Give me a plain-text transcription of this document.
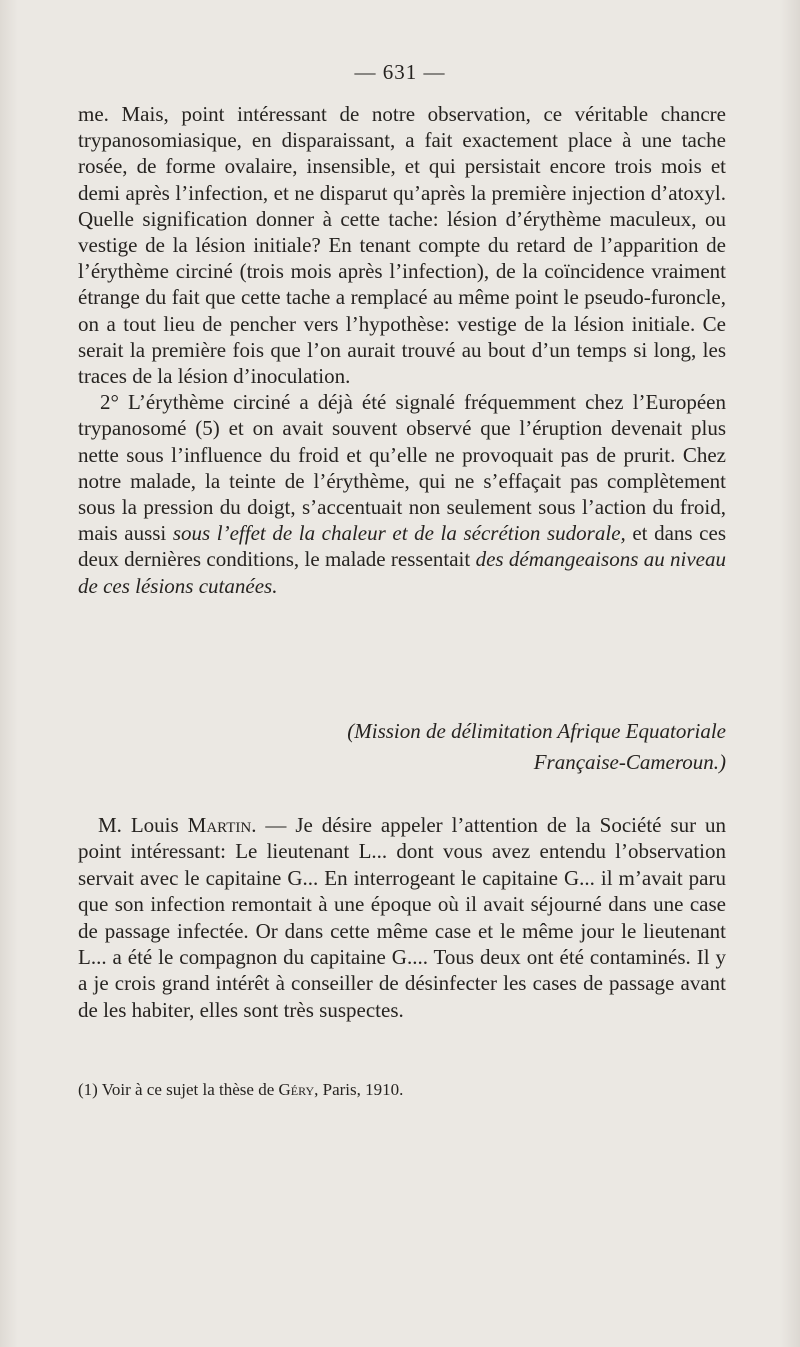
— 631 —

me. Mais, point intéressant de notre observation, ce véritable chancre trypanosomiasique, en disparaissant, a fait exactement place à une tache rosée, de forme ovalaire, insensible, et qui persistait encore trois mois et demi après l’infection, et ne disparut qu’après la première injection d’atoxyl. Quelle signification donner à cette tache: lésion d’érythème maculeux, ou vestige de la lésion initiale? En tenant compte du retard de l’apparition de l’érythème circiné (trois mois après l’infection), de la coïncidence vraiment étrange du fait que cette tache a remplacé au même point le pseudo-furoncle, on a tout lieu de pencher vers l’hypothèse: vestige de la lésion initiale. Ce serait la première fois que l’on aurait trouvé au bout d’un temps si long, les traces de la lésion d’inoculation.

2° L’érythème circiné a déjà été signalé fréquemment chez l’Européen trypanosomé (5) et on avait souvent observé que l’éruption devenait plus nette sous l’influence du froid et qu’elle ne provoquait pas de prurit. Chez notre malade, la teinte de l’érythème, qui ne s’effaçait pas complètement sous la pression du doigt, s’accentuait non seulement sous l’action du froid, mais aussi sous l’effet de la chaleur et de la sécrétion sudorale, et dans ces deux dernières conditions, le malade ressentait des démangeaisons au niveau de ces lésions cutanées.

(Mission de délimitation Afrique Equatoriale
Française-Cameroun.)

M. Louis Martin. — Je désire appeler l’attention de la Société sur un point intéressant: Le lieutenant L... dont vous avez entendu l’observation servait avec le capitaine G... En interrogeant le capitaine G... il m’avait paru que son infection remontait à une époque où il avait séjourné dans une case de passage infectée. Or dans cette même case et le même jour le lieutenant L... a été le compagnon du capitaine G.... Tous deux ont été contaminés. Il y a je crois grand intérêt à conseiller de désinfecter les cases de passage avant de les habiter, elles sont très suspectes.

(1) Voir à ce sujet la thèse de Géry, Paris, 1910.
